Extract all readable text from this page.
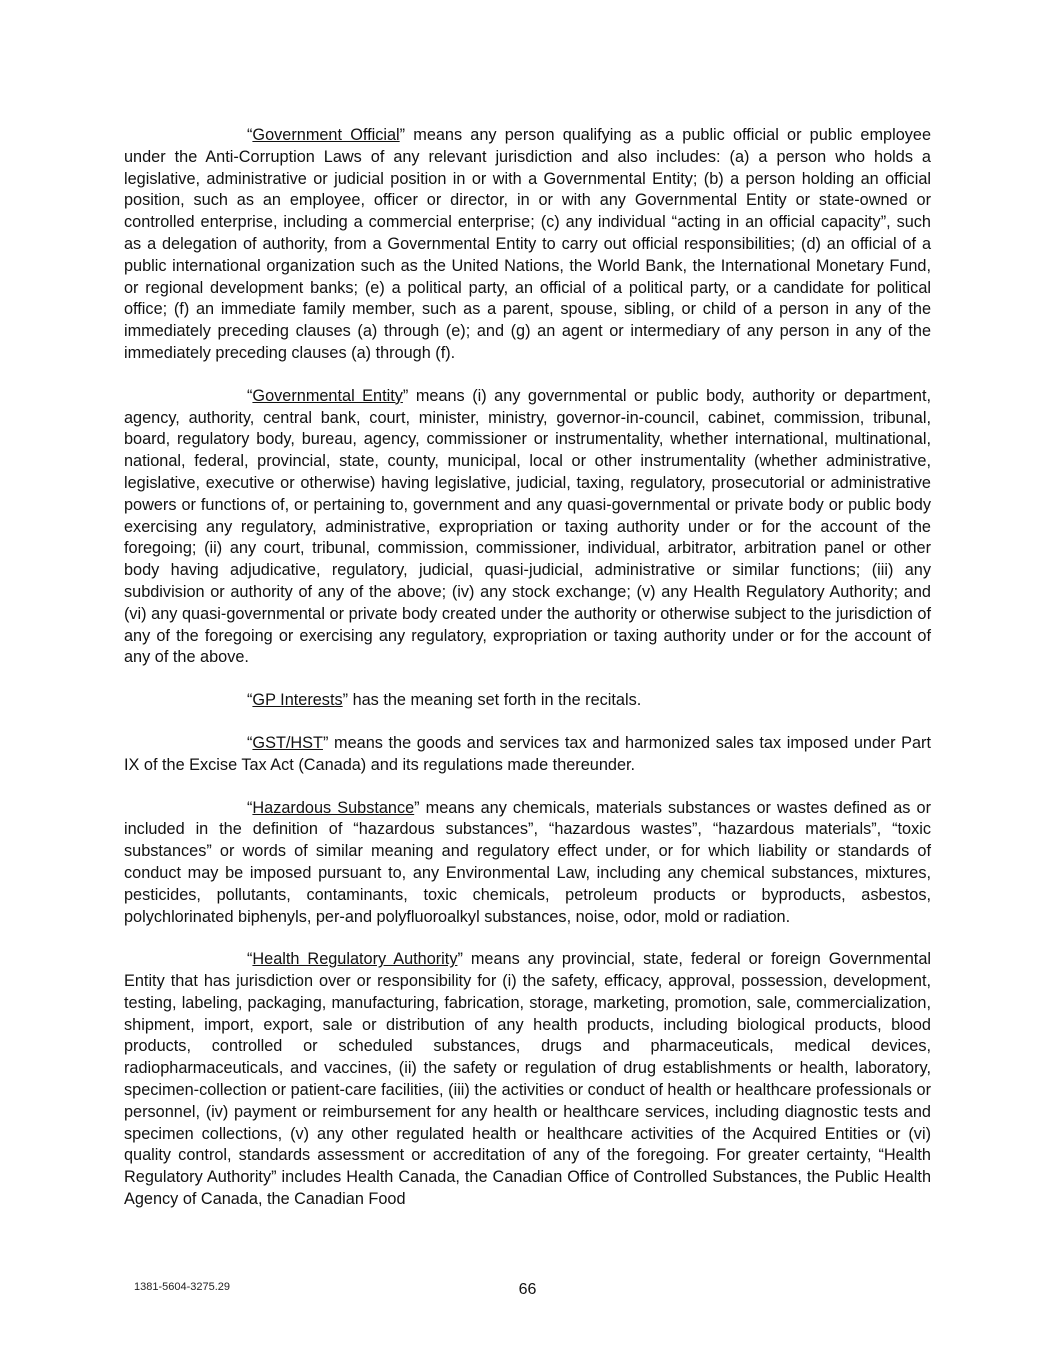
“Government Official” means any person qualifying as a public official or public employee under the Anti-Corruption Laws of any relevant jurisdiction and also includes: (a) a person who holds a legislative, administrative or judicial position in or with a Governmental Entity; (b) a person holding an official position, such as an employee, officer or director, in or with any Governmental Entity or state-owned or controlled enterprise, including a commercial enterprise; (c) any individual “acting in an official capacity”, such as a delegation of authority, from a Governmental Entity to carry out official responsibilities; (d) an official of a public international organization such as the United Nations, the World Bank, the International Monetary Fund, or regional development banks; (e) a political party, an official of a political party, or a candidate for political office; (f) an immediate family member, such as a parent, spouse, sibling, or child of a person in any of the immediately preceding clauses (a) through (e); and (g) an agent or intermediary of any person in any of the immediately preceding clauses (a) through (f).

“Governmental Entity” means (i) any governmental or public body, authority or department, agency, authority, central bank, court, minister, ministry, governor-in-council, cabinet, commission, tribunal, board, regulatory body, bureau, agency, commissioner or instrumentality, whether international, multinational, national, federal, provincial, state, county, municipal, local or other instrumentality (whether administrative, legislative, executive or otherwise) having legislative, judicial, taxing, regulatory, prosecutorial or administrative powers or functions of, or pertaining to, government and any quasi-governmental or private body or public body exercising any regulatory, administrative, expropriation or taxing authority under or for the account of the foregoing; (ii) any court, tribunal, commission, commissioner, individual, arbitrator, arbitration panel or other body having adjudicative, regulatory, judicial, quasi-judicial, administrative or similar functions; (iii) any subdivision or authority of any of the above; (iv) any stock exchange; (v) any Health Regulatory Authority; and (vi) any quasi-governmental or private body created under the authority or otherwise subject to the jurisdiction of any of the foregoing or exercising any regulatory, expropriation or taxing authority under or for the account of any of the above.

“GP Interests” has the meaning set forth in the recitals.

“GST/HST” means the goods and services tax and harmonized sales tax imposed under Part IX of the Excise Tax Act (Canada) and its regulations made thereunder.

“Hazardous Substance” means any chemicals, materials substances or wastes defined as or included in the definition of “hazardous substances”, “hazardous wastes”, “hazardous materials”, “toxic substances” or words of similar meaning and regulatory effect under, or for which liability or standards of conduct may be imposed pursuant to, any Environmental Law, including any chemical substances, mixtures, pesticides, pollutants, contaminants, toxic chemicals, petroleum products or byproducts, asbestos, polychlorinated biphenyls, per-and polyfluoroalkyl substances, noise, odor, mold or radiation.

“Health Regulatory Authority” means any provincial, state, federal or foreign Governmental Entity that has jurisdiction over or responsibility for (i) the safety, efficacy, approval, possession, development, testing, labeling, packaging, manufacturing, fabrication, storage, marketing, promotion, sale, commercialization, shipment, import, export, sale or distribution of any health products, including biological products, blood products, controlled or scheduled substances, drugs and pharmaceuticals, medical devices, radiopharmaceuticals, and vaccines, (ii) the safety or regulation of drug establishments or health, laboratory, specimen-collection or patient-care facilities, (iii) the activities or conduct of health or healthcare professionals or personnel, (iv) payment or reimbursement for any health or healthcare services, including diagnostic tests and specimen collections, (v) any other regulated health or healthcare activities of the Acquired Entities or (vi) quality control, standards assessment or accreditation of any of the foregoing. For greater certainty, “Health Regulatory Authority” includes Health Canada, the Canadian Office of Controlled Substances, the Public Health Agency of Canada, the Canadian Food

1381-5604-3275.29	66
